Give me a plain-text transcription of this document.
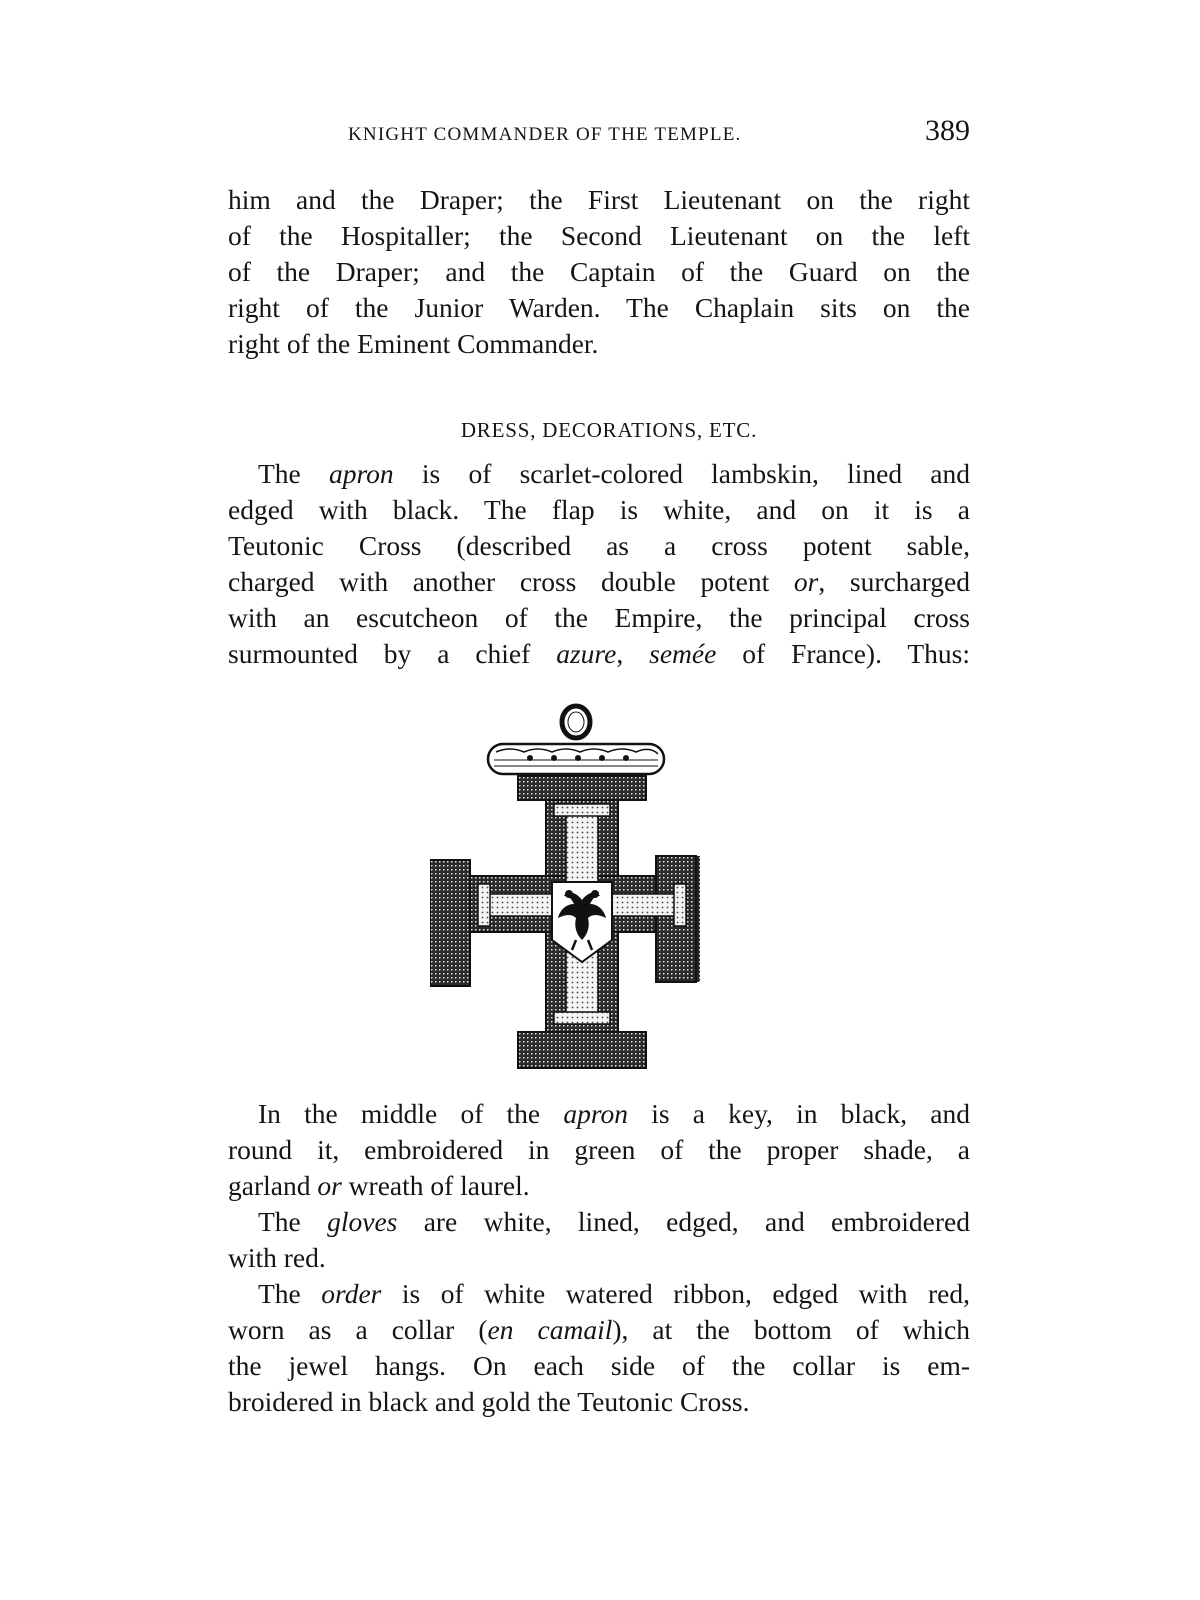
KNIGHT COMMANDER OF THE TEMPLE.	389

him and the Draper; the First Lieutenant on the right
of the Hospitaller; the Second Lieutenant on the left
of the Draper; and the Captain of the Guard on the
right of the Junior Warden. The Chaplain sits on the
right of the Eminent Commander.

DRESS, DECORATIONS, ETC.

The apron is of scarlet-colored lambskin, lined and
edged with black. The flap is white, and on it is a
Teutonic Cross (described as a cross potent sable,
charged with another cross double potent or, surcharged
with an escutcheon of the Empire, the principal cross
surmounted by a chief azure, semée of France). Thus:

In the middle of the apron is a key, in black, and
round it, embroidered in green of the proper shade, a
garland or wreath of laurel.

The gloves are white, lined, edged, and embroidered
with red.

The order is of white watered ribbon, edged with red,
worn as a collar (en camail), at the bottom of which
the jewel hangs. On each side of the collar is em-
broidered in black and gold the Teutonic Cross.
